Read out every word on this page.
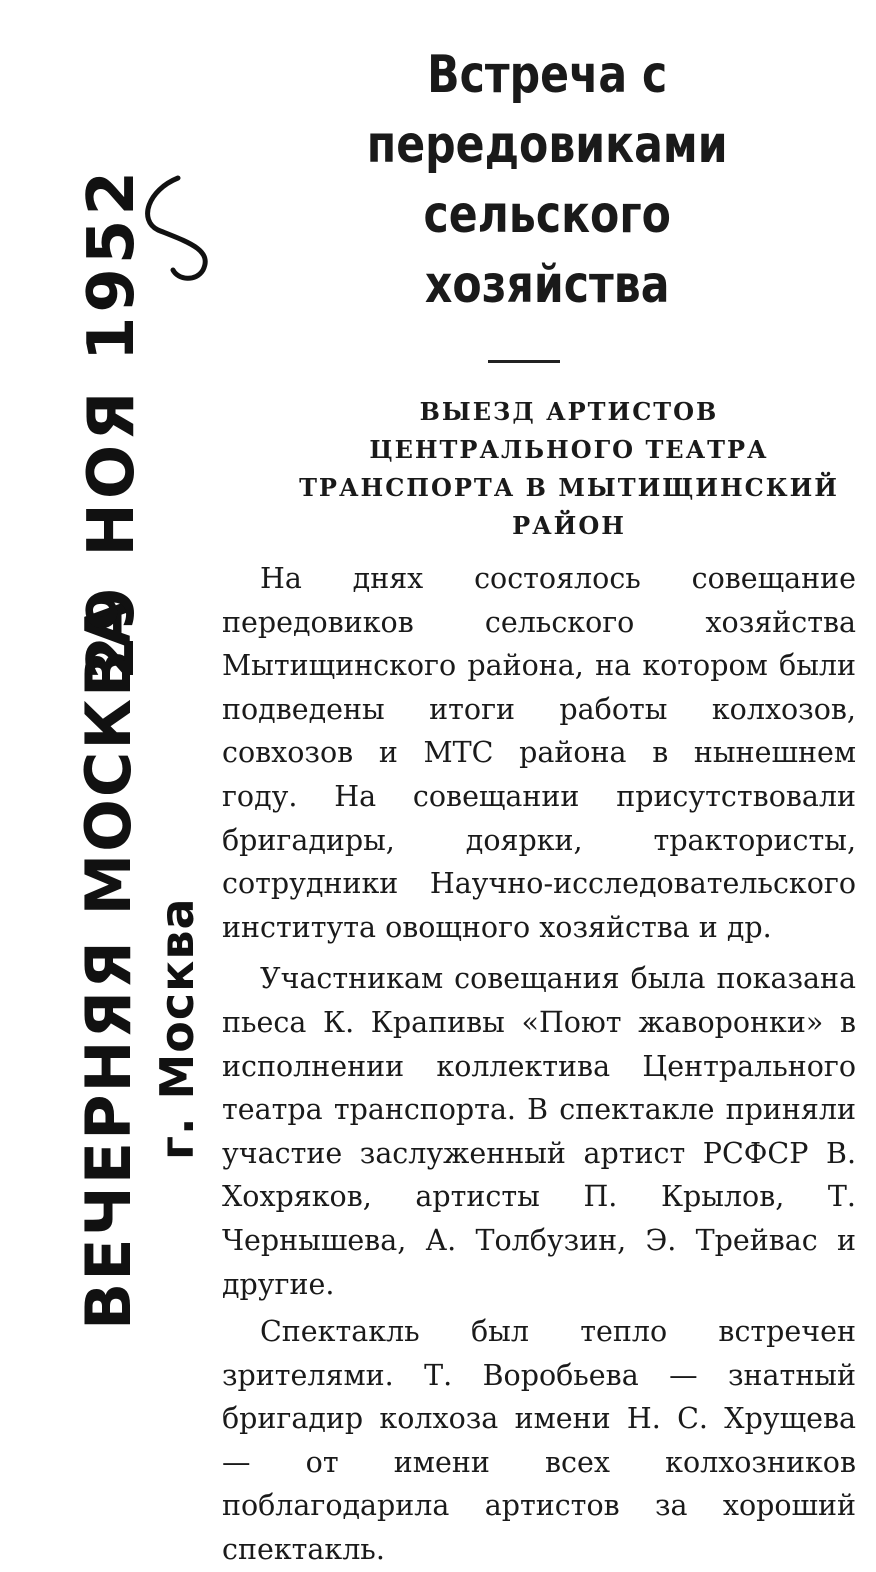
ВЕЧЕРНЯЯ МОСКВА г. Москва
29 НОЯ 1952
Встреча с передовиками сельского хозяйства
ВЫЕЗД АРТИСТОВ ЦЕНТРАЛЬНОГО ТЕАТРА ТРАНСПОРТА В МЫТИЩИНСКИЙ РАЙОН

На днях состоялось совещание передовиков сельского хозяйства Мытищинского района, на котором были подведены итоги работы колхозов, совхозов и МТС района в нынешнем году. На совещании присутствовали бригадиры, доярки, трактористы, сотрудники Научно-исследовательского института овощного хозяйства и др.

Участникам совещания была показана пьеса К. Крапивы «Поют жаворонки» в исполнении коллектива Центрального театра транспорта. В спектакле приняли участие заслуженный артист РСФСР В. Хохряков, артисты П. Крылов, Т. Чернышева, А. Толбузин, Э. Трейвас и другие.

Спектакль был тепло встречен зрителями. Т. Воробьева — знатный бригадир колхоза имени Н. С. Хрущева — от имени всех колхозников поблагодарила артистов за хороший спектакль.
